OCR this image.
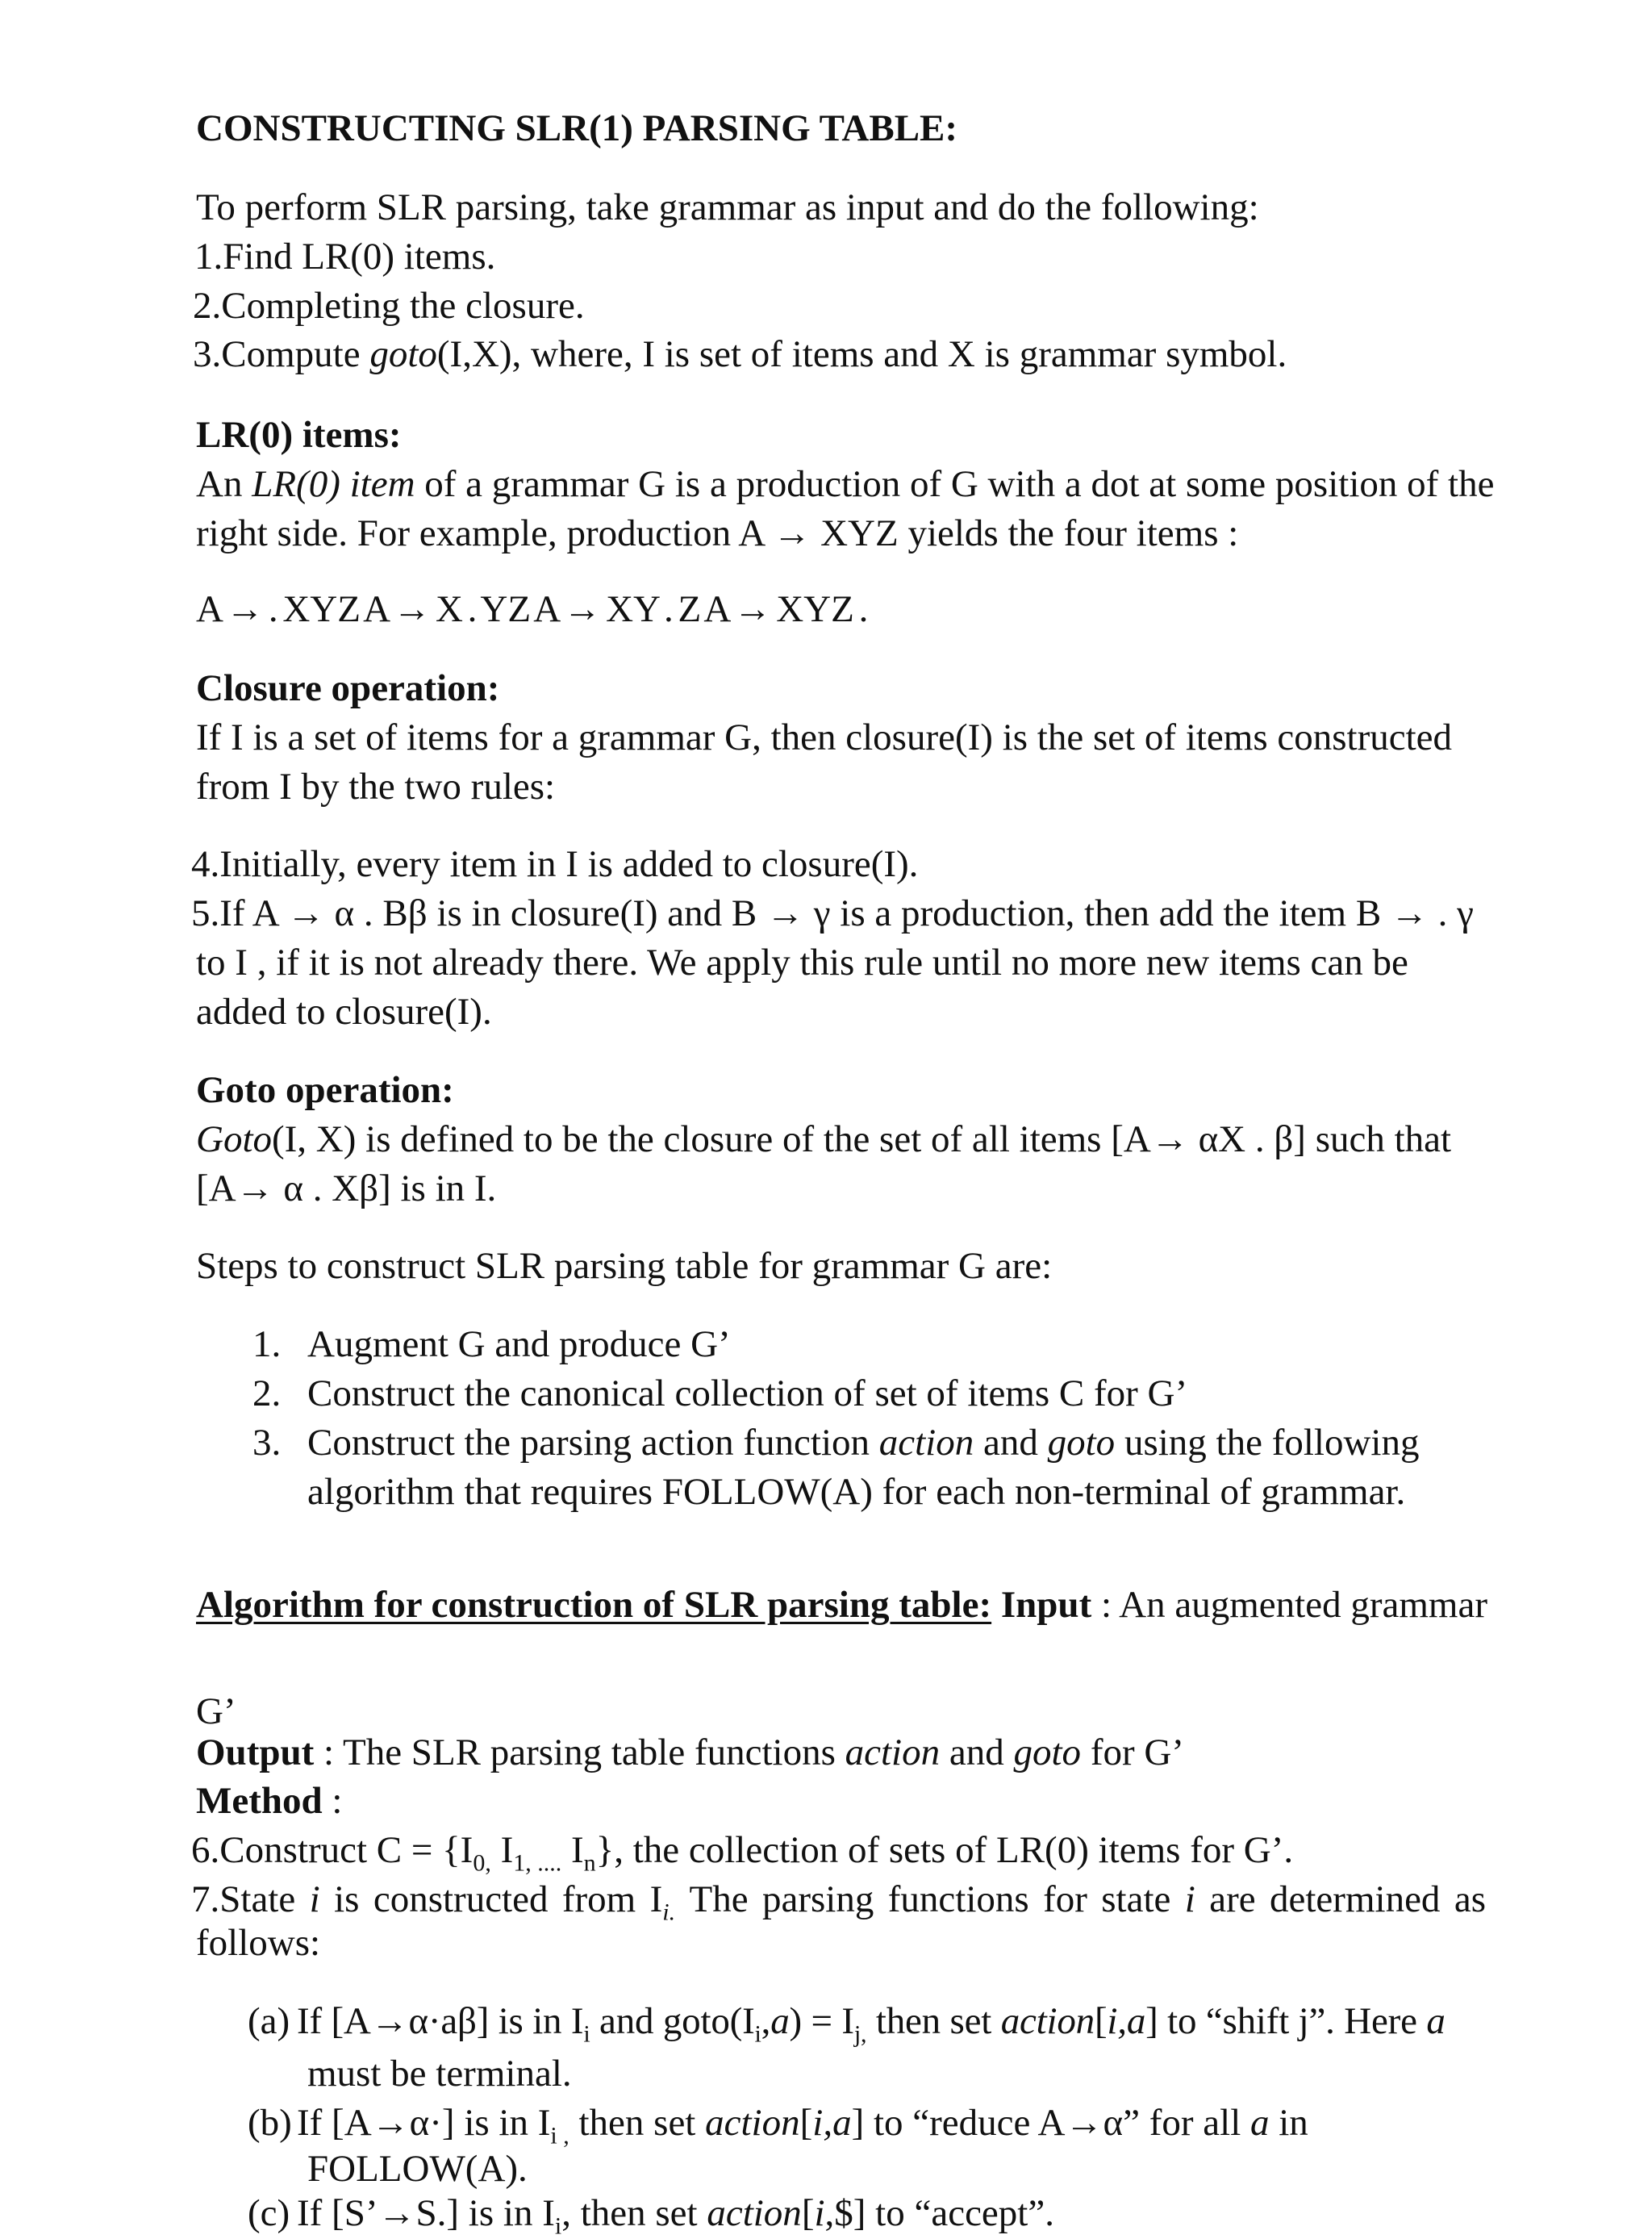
CONSTRUCTING SLR(1) PARSING TABLE:
To perform SLR parsing, take grammar as input and do the following:
1.Find LR(0) items.
2.Completing the closure.
3.Compute goto(I,X), where, I is set of items and X is grammar symbol.
LR(0) items:
An LR(0) item of a grammar G is a production of G with a dot at some position of the
right side. For example, production A → XYZ yields the four items :
A → . XYZ A → X . YZ A → XY . Z A → XYZ .
Closure operation:
If I is a set of items for a grammar G, then closure(I) is the set of items constructed
from I by the two rules:
4.Initially, every item in I is added to closure(I).
5.If A → α . Bβ is in closure(I) and B → γ is a production, then add the item B → . γ
to I , if it is not already there. We apply this rule until no more new items can be
added to closure(I).
Goto operation:
Goto(I, X) is defined to be the closure of the set of all items [A→ αX . β] such that
[A→ α . Xβ] is in I.
Steps to construct SLR parsing table for grammar G are:
1. Augment G and produce G’
2. Construct the canonical collection of set of items C for G’
3. Construct the parsing action function action and goto using the following
algorithm that requires FOLLOW(A) for each non-terminal of grammar.
Algorithm for construction of SLR parsing table: Input : An augmented grammar
G’
Output : The SLR parsing table functions action and goto for G’
Method :
6.Construct $C = \{I_{0,}$ $I_{1, ....}$ $I_n$}, the collection of sets of LR(0) items for G’.
7.State i is constructed from $I_{i.}$ The parsing functions for state i are determined as
follows:
(a) If [A→α·aβ] is in $I_i$ and $goto(I_i,a) = I_{j,}$ then set action[i,a] to “shift j”. Here a
must be terminal.
(b) If [A→α·] is in $I_{i ,}$ then set action[i,a] to “reduce A→α” for all a in
FOLLOW(A).
(c) If [S’→S.] is in $I_i$, then set action[i,$] to “accept”.
